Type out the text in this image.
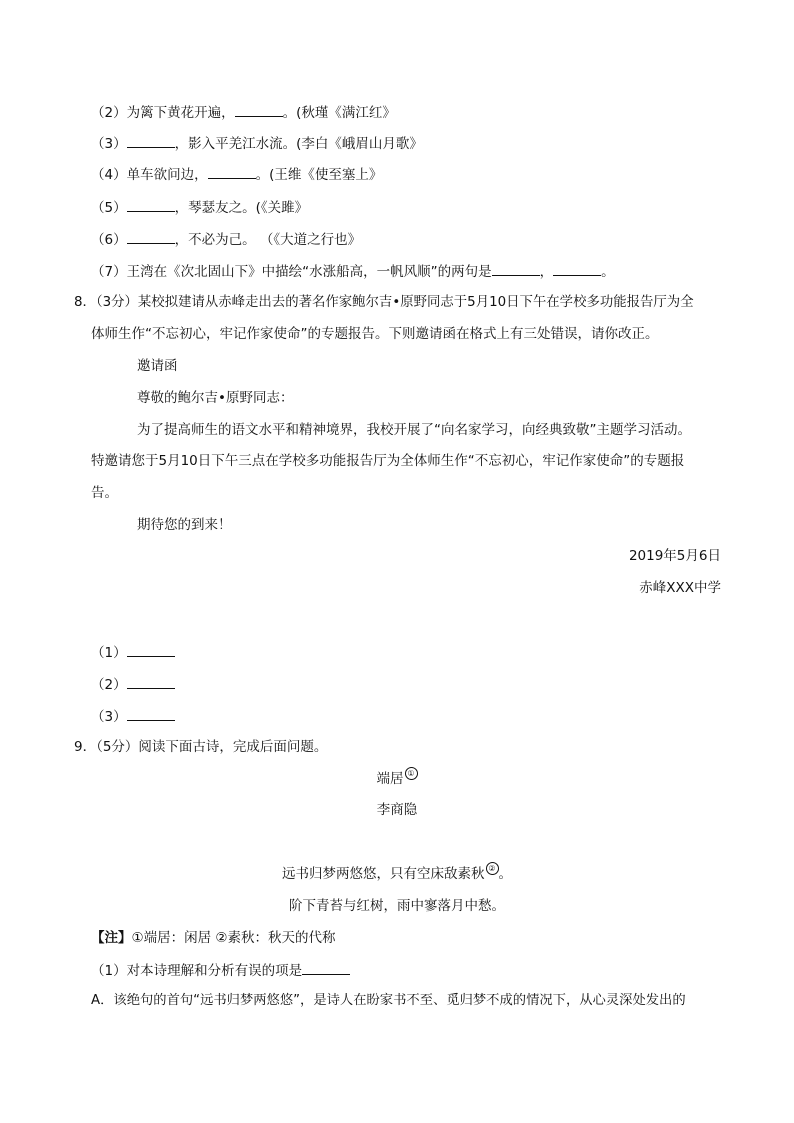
（2）为篱下黄花开遍，	。(秋瑾《满江红》
（3）	，影入平羌江水流。(李白《峨眉山月歌》
（4）单车欲问边，	。(王维《使至塞上》
（5）	，琴瑟友之。(《关雎》
（6）	，不必为己。 （《大道之行也》
（7）王湾在《次北固山下》中描绘“水涨船高，一帆风顺”的两句是	，	。
8．（3分）某校拟建请从赤峰走出去的著名作家鲍尔吉•原野同志于5月10日下午在学校多功能报告厅为全
体师生作“不忘初心，牢记作家使命”的专题报告。下则邀请函在格式上有三处错误，请你改正。
邀请函
尊敬的鲍尔吉•原野同志：
为了提高师生的语文水平和精神境界，我校开展了“向名家学习，向经典致敬”主题学习活动。
特邀请您于5月10日下午三点在学校多功能报告厅为全体师生作“不忘初心，牢记作家使命”的专题报
告。
期待您的到来！
2019年5月6日
赤峰XXX中学
（1）
（2）
（3）
9．（5分）阅读下面古诗，完成后面问题。
端居 ①
李商隐
远书归梦两悠悠，只有空床敌素秋 ② 。
阶下青苔与红树，雨中寥落月中愁。
【注】①端居：闲居 ②素秋：秋天的代称
（1）对本诗理解和分析有误的项是
A．该绝句的首句“远书归梦两悠悠”，是诗人在盼家书不至、觅归梦不成的情况下，从心灵深处发出的
